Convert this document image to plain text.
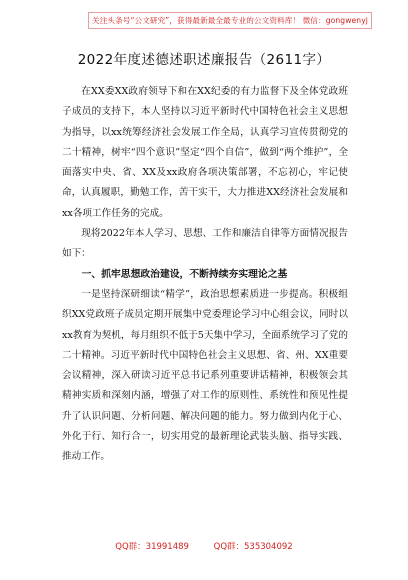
关注头条号“公文研究”，获得最新最全最专业的公文资料库！ 微信：gongwenyj
2022年度述德述职述廉报告（2611字）

在XX委XX政府领导下和在XX纪委的有力监督下及全体党政班子成员的支持下，本人坚持以习近平新时代中国特色社会主义思想为指导，以xx统筹经济社会发展工作全局，认真学习宣传贯彻党的二十精神，树牢“四个意识”坚定“四个自信”，做到“两个维护”，全面落实中央、省、XX及xx政府各项决策部署，不忘初心，牢记使命，认真履职，勤勉工作，苦干实干，大力推进XX经济社会发展和xx各项工作任务的完成。

现将2022年本人学习、思想、工作和廉洁自律等方面情况报告如下：

一、抓牢思想政治建设，不断持续夯实理论之基

一是坚持深研细读“精学”，政治思想素质进一步提高。积极组织XX党政班子成员定期开展集中党委理论学习中心组会议，同时以xx教育为契机，每月组织不低于5天集中学习，全面系统学习了党的二十精神。习近平新时代中国特色社会主义思想、省、州、XX重要会议精神，深入研读习近平总书记系列重要讲话精神，积极领会其精神实质和深刻内涵，增强了对工作的原则性、系统性和预见性提升了认识问题、分析问题、解决问题的能力。努力做到内化于心、外化于行、知行合一，切实用党的最新理论武装头脑、指导实践、推动工作。

QQ群：31991489	QQ群：535304092
